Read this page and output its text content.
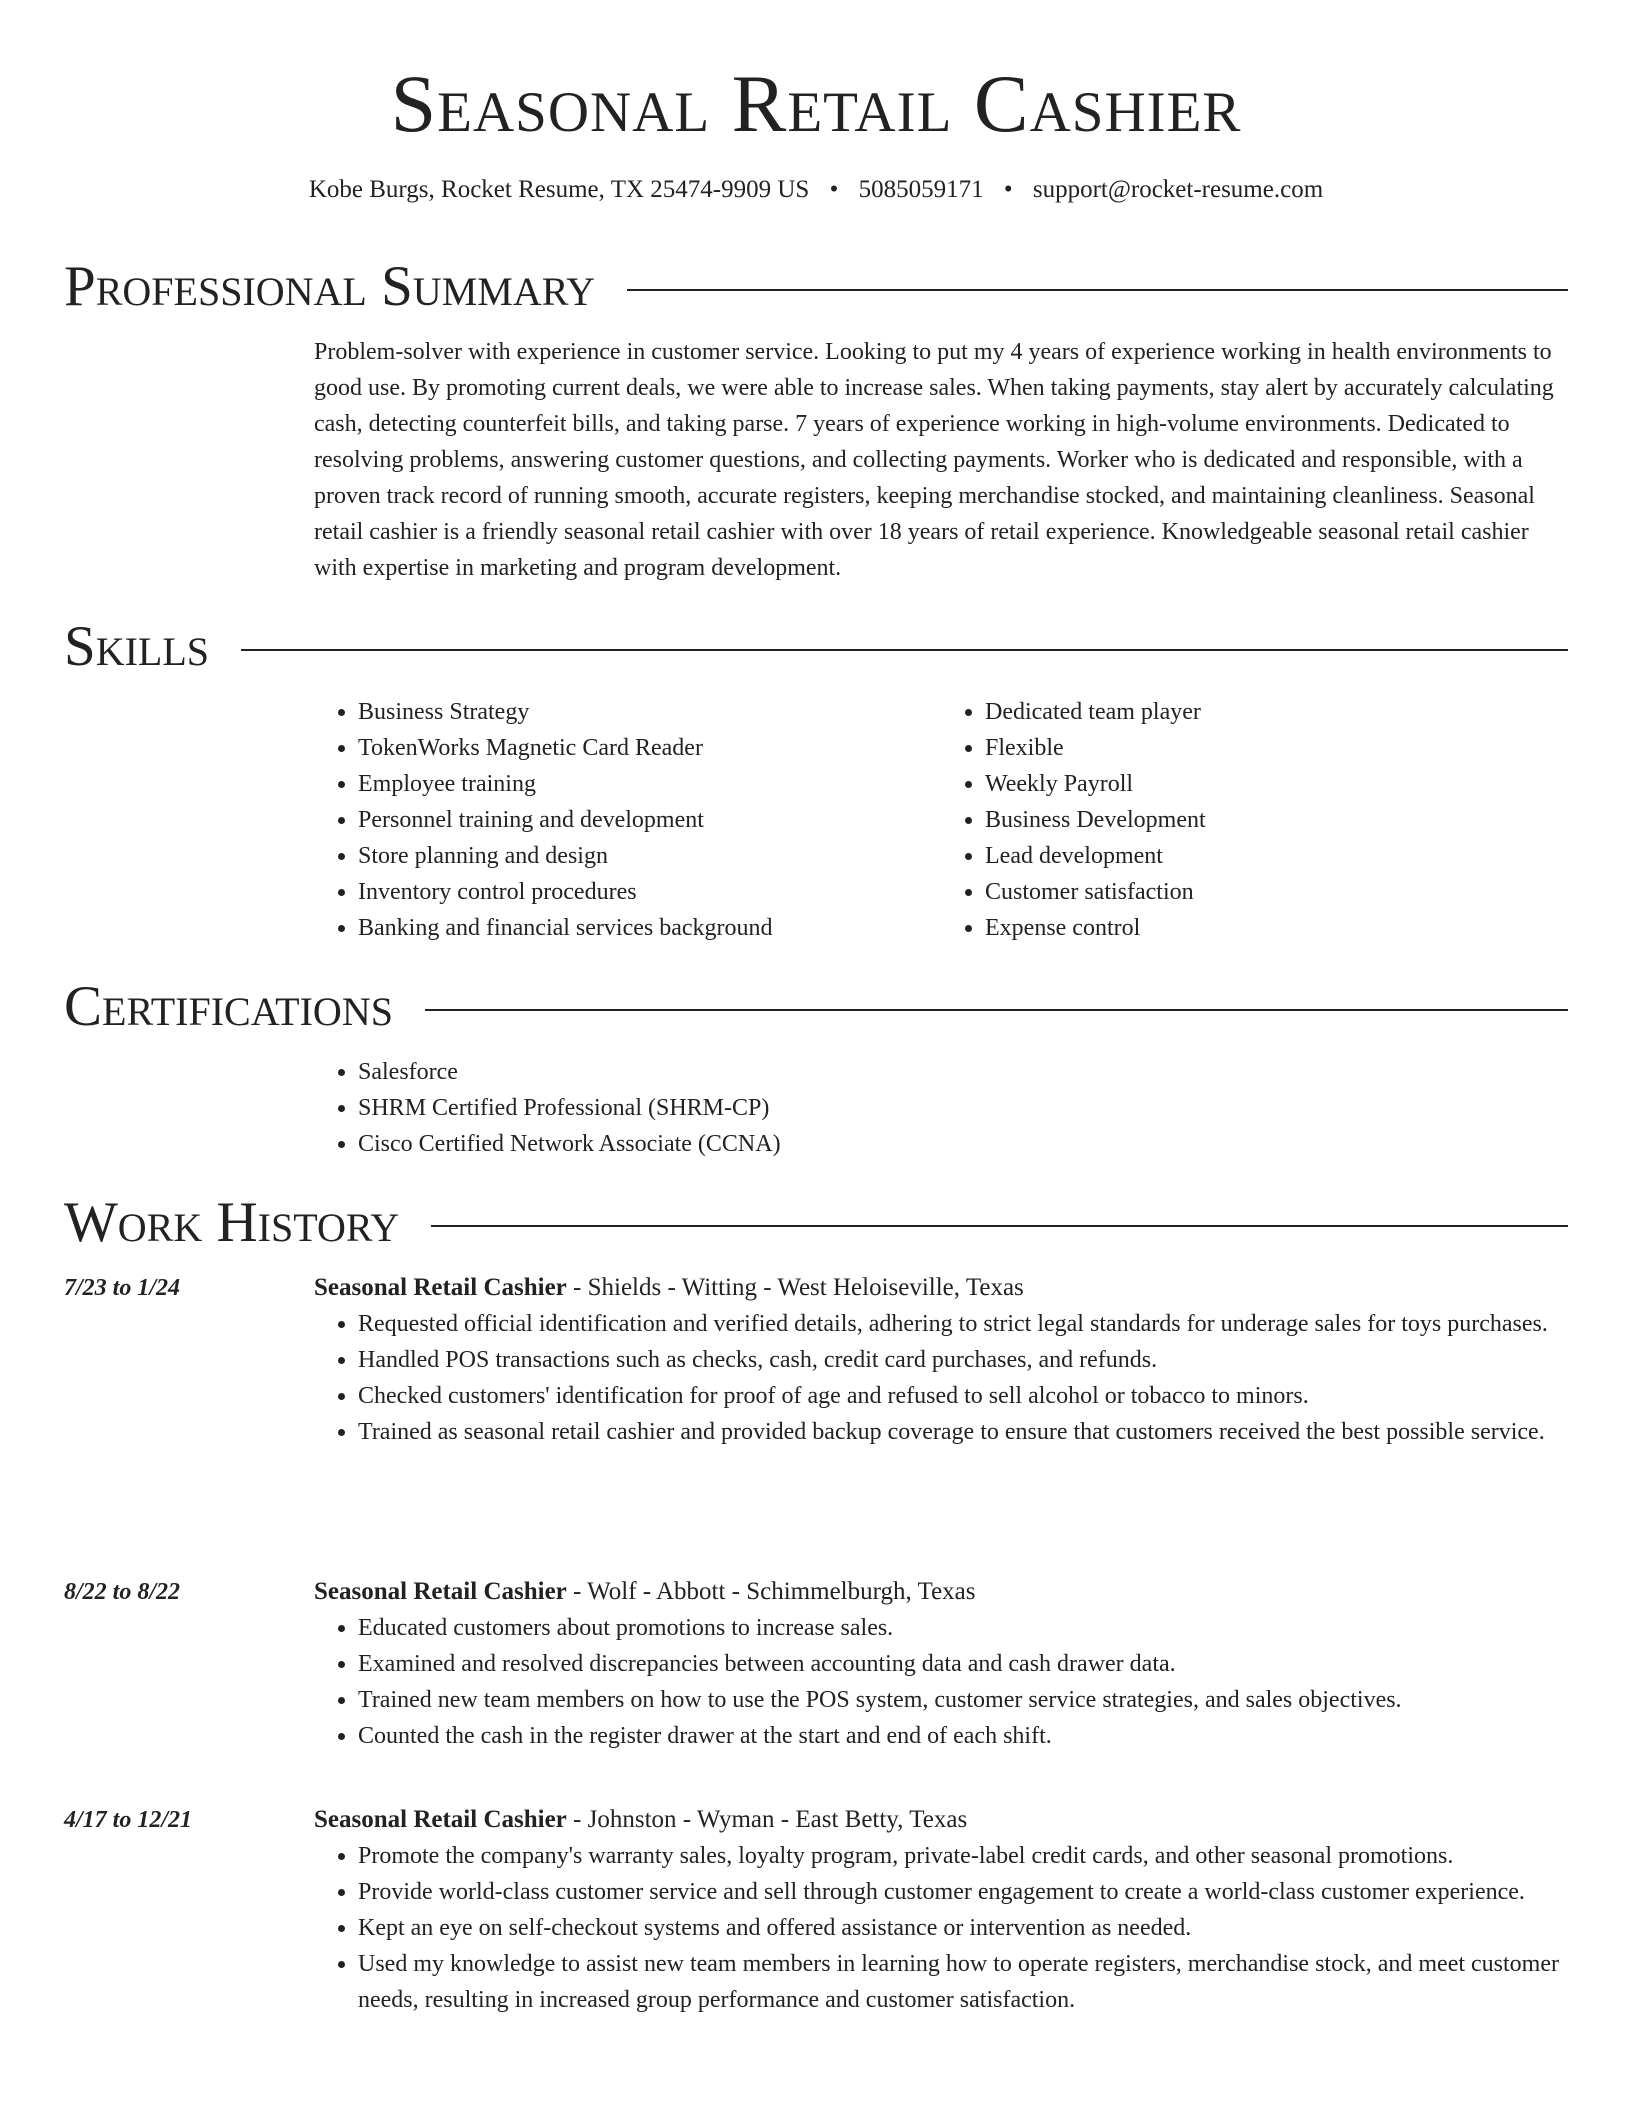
Seasonal Retail Cashier
Kobe Burgs, Rocket Resume, TX 25474-9909 US • 5085059171 • support@rocket-resume.com
Professional Summary

Problem-solver with experience in customer service. Looking to put my 4 years of experience working in health environments to good use. By promoting current deals, we were able to increase sales. When taking payments, stay alert by accurately calculating cash, detecting counterfeit bills, and taking parse. 7 years of experience working in high-volume environments. Dedicated to resolving problems, answering customer questions, and collecting payments. Worker who is dedicated and responsible, with a proven track record of running smooth, accurate registers, keeping merchandise stocked, and maintaining cleanliness. Seasonal retail cashier is a friendly seasonal retail cashier with over 18 years of retail experience. Knowledgeable seasonal retail cashier with expertise in marketing and program development.

Skills
• Business Strategy
• TokenWorks Magnetic Card Reader
• Employee training
• Personnel training and development
• Store planning and design
• Inventory control procedures
• Banking and financial services background
• Dedicated team player
• Flexible
• Weekly Payroll
• Business Development
• Lead development
• Customer satisfaction
• Expense control
Certifications
• Salesforce
• SHRM Certified Professional (SHRM-CP)
• Cisco Certified Network Associate (CCNA)
Work History
7/23 to 1/24	Seasonal Retail Cashier - Shields - Witting - West Heloiseville, Texas
• Requested official identification and verified details, adhering to strict legal standards for underage sales for toys purchases.
• Handled POS transactions such as checks, cash, credit card purchases, and refunds.
• Checked customers' identification for proof of age and refused to sell alcohol or tobacco to minors.
• Trained as seasonal retail cashier and provided backup coverage to ensure that customers received the best possible service.
8/22 to 8/22	Seasonal Retail Cashier - Wolf - Abbott - Schimmelburgh, Texas
• Educated customers about promotions to increase sales.
• Examined and resolved discrepancies between accounting data and cash drawer data.
• Trained new team members on how to use the POS system, customer service strategies, and sales objectives.
• Counted the cash in the register drawer at the start and end of each shift.
4/17 to 12/21	Seasonal Retail Cashier - Johnston - Wyman - East Betty, Texas
• Promote the company's warranty sales, loyalty program, private-label credit cards, and other seasonal promotions.
• Provide world-class customer service and sell through customer engagement to create a world-class customer experience.
• Kept an eye on self-checkout systems and offered assistance or intervention as needed.
• Used my knowledge to assist new team members in learning how to operate registers, merchandise stock, and meet customer needs, resulting in increased group performance and customer satisfaction.
